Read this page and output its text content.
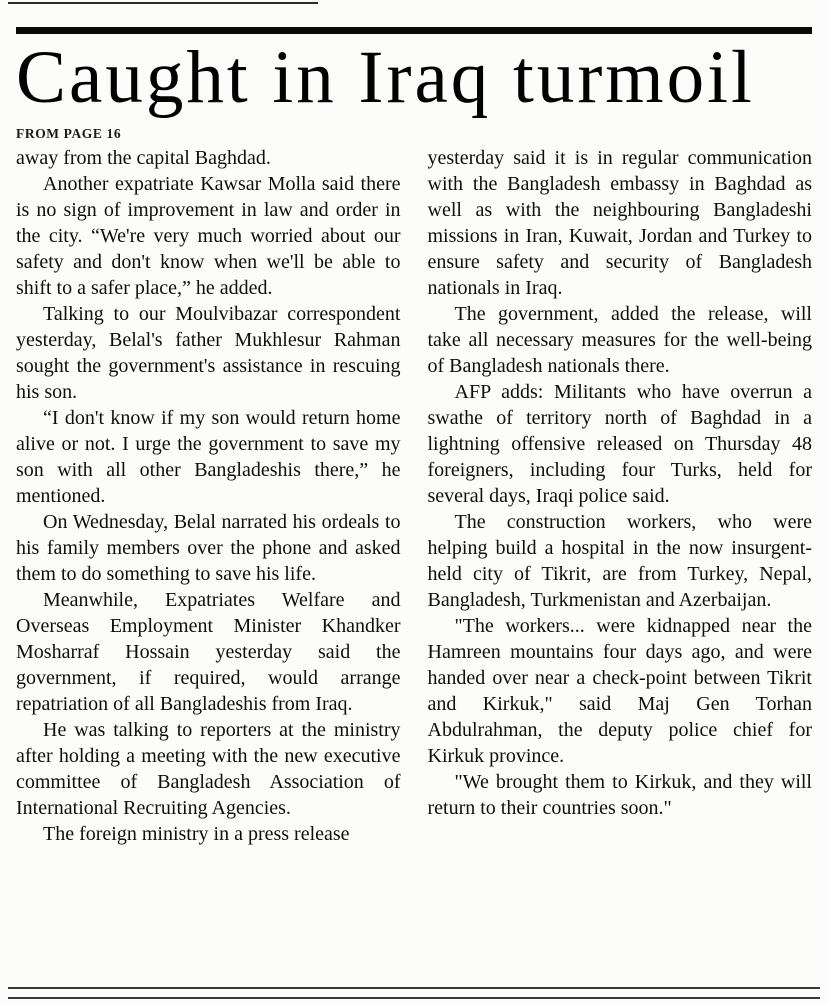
Caught in Iraq turmoil
FROM PAGE 16

away from the capital Baghdad.

Another expatriate Kawsar Molla said there is no sign of improvement in law and order in the city. “We're very much worried about our safety and don't know when we'll be able to shift to a safer place,” he added.

Talking to our Moulvibazar correspondent yesterday, Belal's father Mukhlesur Rahman sought the government's assistance in rescuing his son.

“I don't know if my son would return home alive or not. I urge the government to save my son with all other Bangladeshis there,” he mentioned.

On Wednesday, Belal narrated his ordeals to his family members over the phone and asked them to do something to save his life.

Meanwhile, Expatriates Welfare and Overseas Employment Minister Khandker Mosharraf Hossain yesterday said the government, if required, would arrange repatriation of all Bangladeshis from Iraq.

He was talking to reporters at the ministry after holding a meeting with the new executive committee of Bangladesh Association of International Recruiting Agencies.

The foreign ministry in a press release

yesterday said it is in regular communication with the Bangladesh embassy in Baghdad as well as with the neighbouring Bangladeshi missions in Iran, Kuwait, Jordan and Turkey to ensure safety and security of Bangladesh nationals in Iraq.

The government, added the release, will take all necessary measures for the well-being of Bangladesh nationals there.

AFP adds: Militants who have overrun a swathe of territory north of Baghdad in a lightning offensive released on Thursday 48 foreigners, including four Turks, held for several days, Iraqi police said.

The construction workers, who were helping build a hospital in the now insurgent-held city of Tikrit, are from Turkey, Nepal, Bangladesh, Turkmenistan and Azerbaijan.

"The workers... were kidnapped near the Hamreen mountains four days ago, and were handed over near a check-point between Tikrit and Kirkuk," said Maj Gen Torhan Abdulrahman, the deputy police chief for Kirkuk province.

"We brought them to Kirkuk, and they will return to their countries soon."
